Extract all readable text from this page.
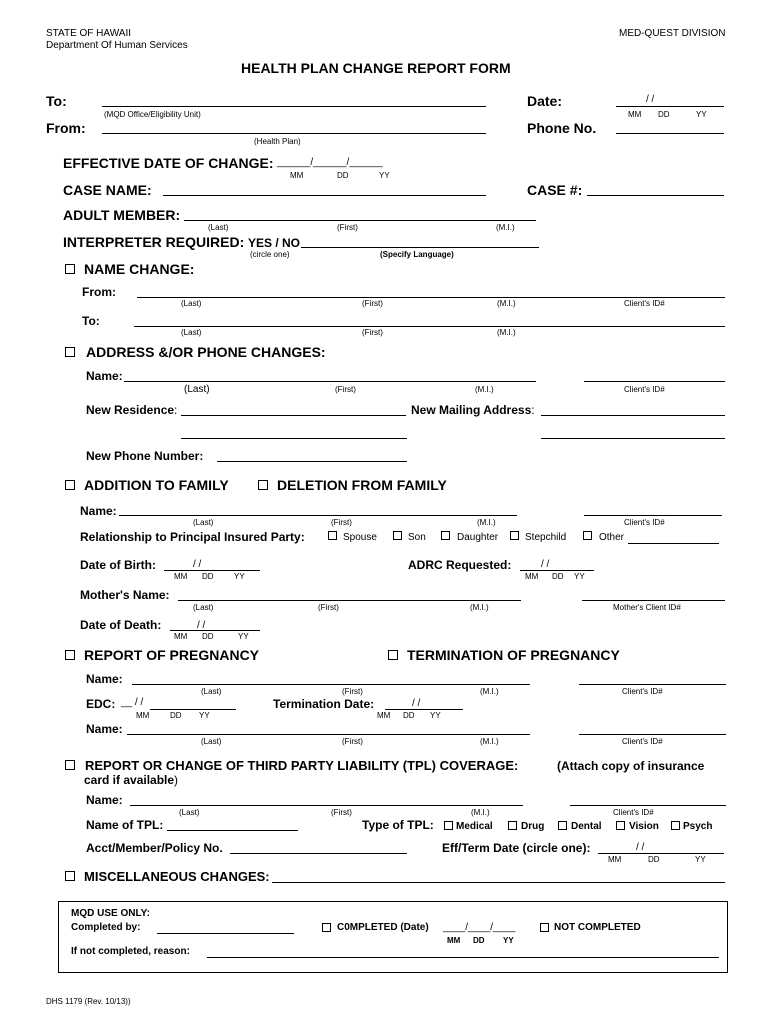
STATE OF HAWAII
Department Of Human Services
MED-QUEST DIVISION
HEALTH PLAN CHANGE REPORT FORM
To:
(MQD Office/Eligibility Unit)
From:
(Health Plan)
Date:	/ /
MM DD	YY
Phone No.
EFFECTIVE DATE OF CHANGE: ______/______/______
MM	DD	YY
CASE NAME:	CASE #:
ADULT MEMBER:
(Last)	(First)	(M.I.)
INTERPRETER REQUIRED: YES / NO
(circle one)	(Specify Language)
NAME CHANGE:
From:
(Last)	(First)	(M.I.)	Client's ID#
To:
(Last)	(First)	(M.I.)
ADDRESS &/OR PHONE CHANGES:
Name:
(Last)	(First)	(M.I.)	Client's ID#
New Residence:	New Mailing Address:
New Phone Number:
ADDITION TO FAMILY	DELETION FROM FAMILY
Name:
(Last)	(First)	(M.I.)	Client's ID#
Relationship to Principal Insured Party:	Spouse	Son	Daughter	Stepchild	Other
Date of Birth:	/ /
MM DD	YY
ADRC Requested:	/ /
MM DD YY
Mother's Name:
(Last)	(First)	(M.I.)	Mother's Client ID#
Date of Death:	/ /
MM DD	YY
REPORT OF PREGNANCY	TERMINATION OF PREGNANCY
Name:
(Last)	(First)	(M.I.)	Client's ID#
EDC: __ / /
MM	DD YY
Termination Date:	/ /
MM DD YY
Name:
(Last)	(First)	(M.I.)	Client's ID#
REPORT OR CHANGE OF THIRD PARTY LIABILITY (TPL) COVERAGE:	(Attach copy of insurance
card if available)
Name:
(Last)	(First)	(M.I.)	Client's ID#
Name of TPL:	Type of TPL: Medical	Drug	Dental	Vision Psych
Acct/Member/Policy No.	Eff/Term Date (circle one):	/ /
MM	DD	YY
MISCELLANEOUS CHANGES:
MQD USE ONLY:
Completed by:	C0MPLETED (Date) ____/____/____
MM DD YY
NOT COMPLETED
If not completed, reason:
DHS 1179 (Rev. 10/13))
